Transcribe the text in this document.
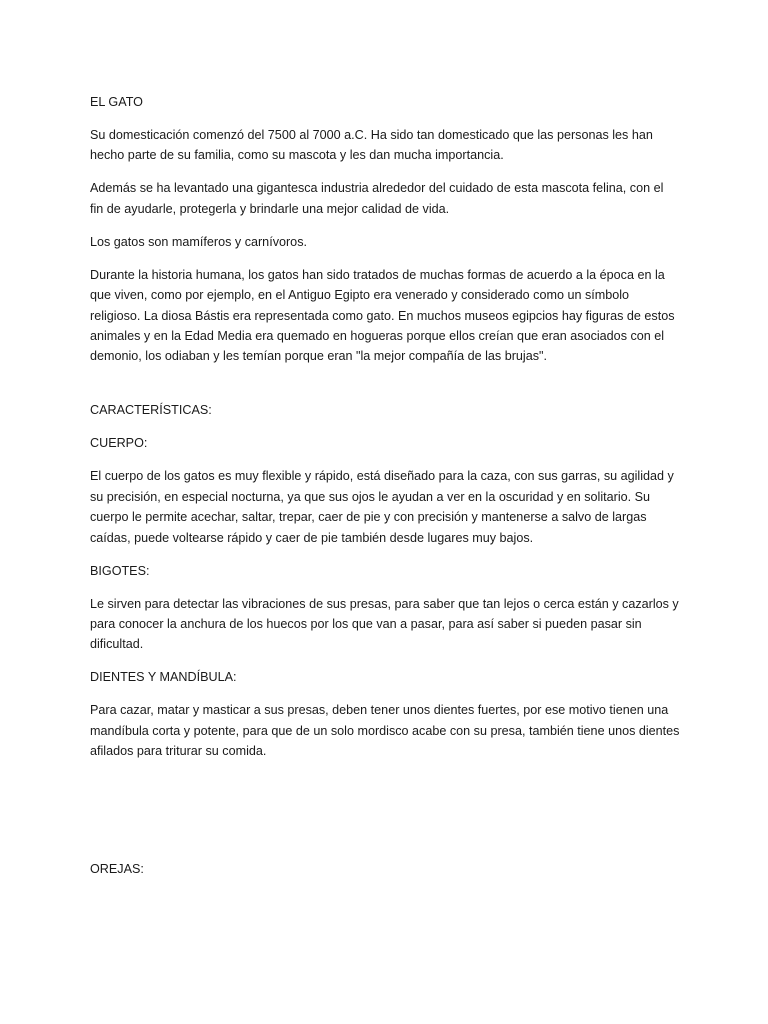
EL GATO

Su domesticación comenzó del 7500 al 7000 a.C. Ha sido tan domesticado que las personas les han hecho parte de su familia, como su mascota y les dan mucha importancia.

Además se ha levantado una gigantesca industria alrededor del cuidado de esta mascota felina, con el fin de ayudarle, protegerla y brindarle una mejor calidad de vida.

Los gatos son mamíferos y carnívoros.

Durante la historia humana, los gatos han sido tratados de muchas formas de acuerdo a la época en la que viven, como por ejemplo, en el Antiguo Egipto era venerado y considerado como un símbolo religioso. La diosa Bástis era representada como gato. En muchos museos egipcios hay figuras de estos animales y en la Edad Media era quemado en hogueras porque ellos creían que eran asociados con el demonio, los odiaban y les temían porque eran "la mejor compañía de las brujas".

CARACTERÍSTICAS:

CUERPO:

El cuerpo de los gatos es muy flexible y rápido, está diseñado para la caza, con sus garras, su agilidad y su precisión, en especial nocturna, ya que sus ojos le ayudan a ver en la oscuridad y en solitario. Su cuerpo le permite acechar, saltar, trepar, caer de pie y con precisión y mantenerse a salvo de largas caídas, puede voltearse rápido y caer de pie también desde lugares muy bajos.

BIGOTES:

Le sirven para detectar las vibraciones de sus presas, para saber que tan lejos o cerca están y cazarlos y para conocer la anchura de los huecos por los que van a pasar, para así saber si pueden pasar sin dificultad.

DIENTES Y MANDÍBULA:

Para cazar, matar y masticar a sus presas, deben tener unos dientes fuertes, por ese motivo tienen una mandíbula corta y potente, para que de un solo mordisco acabe con su presa, también tiene unos dientes afilados para triturar su comida.

OREJAS:
